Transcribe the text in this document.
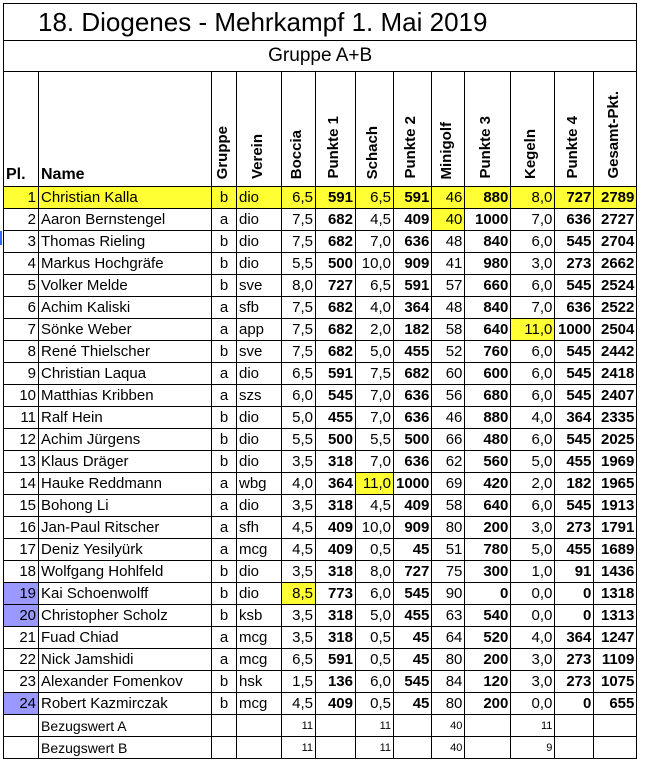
18. Diogenes - Mehrkampf 1. Mai 2019												
Gruppe A+B												
Pl.	Name	Gruppe	Verein	Boccia	Punkte 1	Schach	Punkte 2	Minigolf	Punkte 3	Kegeln	Punkte 4	Gesamt-Pkt.
1	Christian Kalla	b	dio	6,5	591	6,5	591	46	880	8,0	727	2789
2	Aaron Bernstengel	a	dio	7,5	682	4,5	409	40	1000	7,0	636	2727
3	Thomas Rieling	b	dio	7,5	682	7,0	636	48	840	6,0	545	2704
4	Markus Hochgräfe	b	dio	5,5	500	10,0	909	41	980	3,0	273	2662
5	Volker Melde	b	sve	8,0	727	6,5	591	57	660	6,0	545	2524
6	Achim Kaliski	a	sfb	7,5	682	4,0	364	48	840	7,0	636	2522
7	Sönke Weber	a	app	7,5	682	2,0	182	58	640	11,0	1000	2504
8	René Thielscher	b	sve	7,5	682	5,0	455	52	760	6,0	545	2442
9	Christian Laqua	a	dio	6,5	591	7,5	682	60	600	6,0	545	2418
10	Matthias Kribben	a	szs	6,0	545	7,0	636	56	680	6,0	545	2407
11	Ralf Hein	b	dio	5,0	455	7,0	636	46	880	4,0	364	2335
12	Achim Jürgens	b	dio	5,5	500	5,5	500	66	480	6,0	545	2025
13	Klaus Dräger	b	dio	3,5	318	7,0	636	62	560	5,0	455	1969
14	Hauke Reddmann	a	wbg	4,0	364	11,0	1000	69	420	2,0	182	1965
15	Bohong Li	a	dio	3,5	318	4,5	409	58	640	6,0	545	1913
16	Jan-Paul Ritscher	a	sfh	4,5	409	10,0	909	80	200	3,0	273	1791
17	Deniz Yesilyürk	a	mcg	4,5	409	0,5	45	51	780	5,0	455	1689
18	Wolfgang Hohlfeld	b	dio	3,5	318	8,0	727	75	300	1,0	91	1436
19	Kai Schoenwolff	b	dio	8,5	773	6,0	545	90	0	0,0	0	1318
20	Christopher Scholz	b	ksb	3,5	318	5,0	455	63	540	0,0	0	1313
21	Fuad Chiad	a	mcg	3,5	318	0,5	45	64	520	4,0	364	1247
22	Nick Jamshidi	a	mcg	6,5	591	0,5	45	80	200	3,0	273	1109
23	Alexander Fomenkov	b	hsk	1,5	136	6,0	545	84	120	3,0	273	1075
24	Robert Kazmirczak	b	mcg	4,5	409	0,5	45	80	200	0,0	0	655
	Bezugswert A			11		11		40		11		
	Bezugswert B			11		11		40		9		
